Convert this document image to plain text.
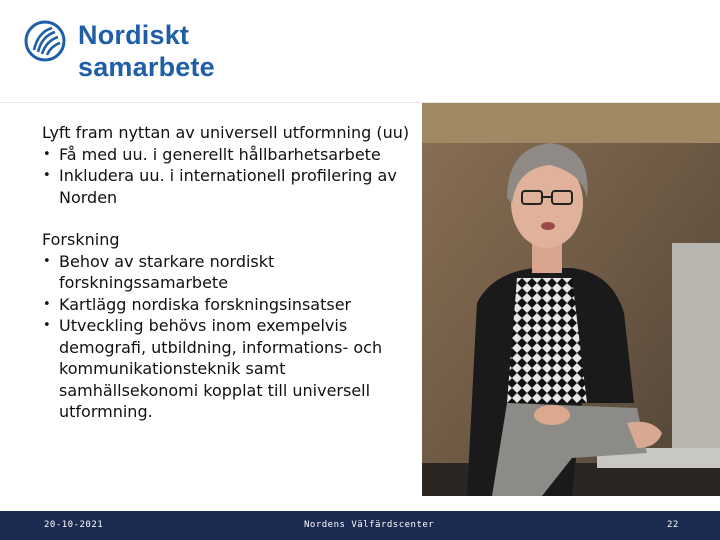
Nordiskt
samarbete

Lyft fram nyttan av universell utformning (uu)

• Få med uu. i generellt hållbarhetsarbete
• Inkludera uu. i internationell profilering av Norden

Forskning

• Behov av starkare nordiskt forskningssamarbete
• Kartlägg nordiska forskningsinsatser
• Utveckling behövs inom exempelvis demografi, utbildning, informations- och kommunikationsteknik samt samhällsekonomi kopplat till universell utformning.
20-10-2021	Nordens Välfärdscenter	22
